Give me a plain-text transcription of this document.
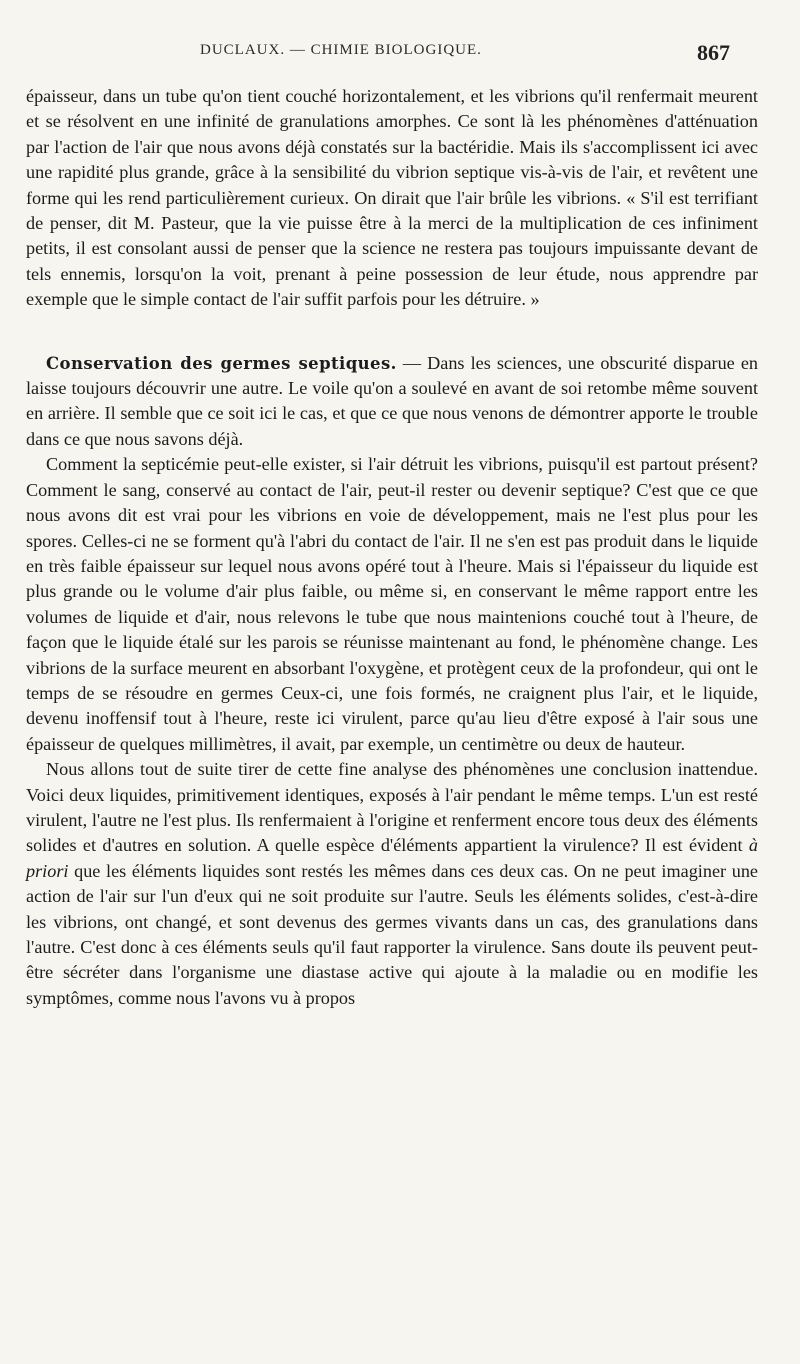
DUCLAUX. — CHIMIE BIOLOGIQUE.	867

épaisseur, dans un tube qu'on tient couché horizontalement, et les vibrions qu'il renfermait meurent et se résolvent en une infinité de granulations amorphes. Ce sont là les phénomènes d'atténuation par l'action de l'air que nous avons déjà constatés sur la bactéridie. Mais ils s'accomplissent ici avec une rapidité plus grande, grâce à la sensibilité du vibrion septique vis-à-vis de l'air, et revêtent une forme qui les rend particulièrement curieux. On dirait que l'air brûle les vibrions. « S'il est terrifiant de penser, dit M. Pasteur, que la vie puisse être à la merci de la multiplication de ces infiniment petits, il est consolant aussi de penser que la science ne restera pas toujours impuissante devant de tels ennemis, lorsqu'on la voit, prenant à peine possession de leur étude, nous apprendre par exemple que le simple contact de l'air suffit parfois pour les détruire. »

Conservation des germes septiques. — Dans les sciences, une obscurité disparue en laisse toujours découvrir une autre. Le voile qu'on a soulevé en avant de soi retombe même souvent en arrière. Il semble que ce soit ici le cas, et que ce que nous venons de démontrer apporte le trouble dans ce que nous savons déjà.

Comment la septicémie peut-elle exister, si l'air détruit les vibrions, puisqu'il est partout présent? Comment le sang, conservé au contact de l'air, peut-il rester ou devenir septique? C'est que ce que nous avons dit est vrai pour les vibrions en voie de développement, mais ne l'est plus pour les spores. Celles-ci ne se forment qu'à l'abri du contact de l'air. Il ne s'en est pas produit dans le liquide en très faible épaisseur sur lequel nous avons opéré tout à l'heure. Mais si l'épaisseur du liquide est plus grande ou le volume d'air plus faible, ou même si, en conservant le même rapport entre les volumes de liquide et d'air, nous relevons le tube que nous maintenions couché tout à l'heure, de façon que le liquide étalé sur les parois se réunisse maintenant au fond, le phénomène change. Les vibrions de la surface meurent en absorbant l'oxygène, et protègent ceux de la profondeur, qui ont le temps de se résoudre en germes Ceux-ci, une fois formés, ne craignent plus l'air, et le liquide, devenu inoffensif tout à l'heure, reste ici virulent, parce qu'au lieu d'être exposé à l'air sous une épaisseur de quelques millimètres, il avait, par exemple, un centimètre ou deux de hauteur.

Nous allons tout de suite tirer de cette fine analyse des phénomènes une conclusion inattendue. Voici deux liquides, primitivement identiques, exposés à l'air pendant le même temps. L'un est resté virulent, l'autre ne l'est plus. Ils renfermaient à l'origine et renferment encore tous deux des éléments solides et d'autres en solution. A quelle espèce d'éléments appartient la virulence? Il est évident à priori que les éléments liquides sont restés les mêmes dans ces deux cas. On ne peut imaginer une action de l'air sur l'un d'eux qui ne soit produite sur l'autre. Seuls les éléments solides, c'est-à-dire les vibrions, ont changé, et sont devenus des germes vivants dans un cas, des granulations dans l'autre. C'est donc à ces éléments seuls qu'il faut rapporter la virulence. Sans doute ils peuvent peut-être sécréter dans l'organisme une diastase active qui ajoute à la maladie ou en modifie les symptômes, comme nous l'avons vu à propos
